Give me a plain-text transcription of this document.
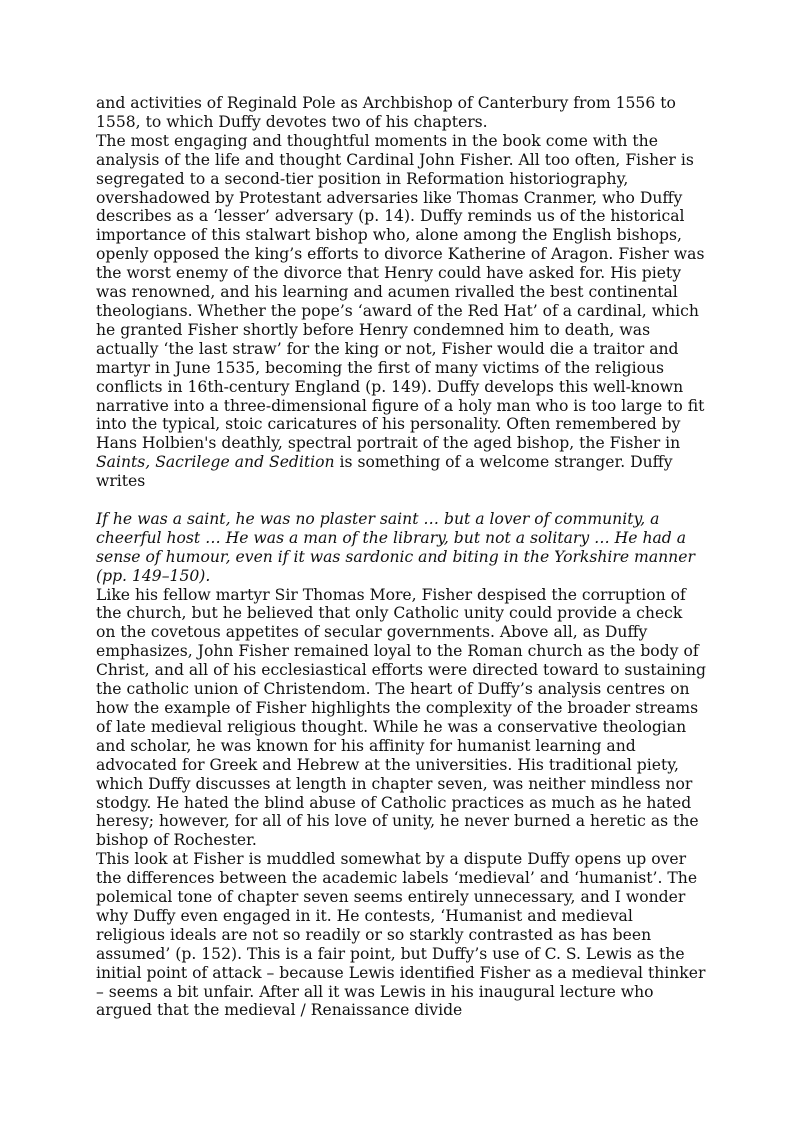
and activities of Reginald Pole as Archbishop of Canterbury from 1556 to 1558, to which Duffy devotes two of his chapters.

The most engaging and thoughtful moments in the book come with the analysis of the life and thought Cardinal John Fisher. All too often, Fisher is segregated to a second-tier position in Reformation historiography, overshadowed by Protestant adversaries like Thomas Cranmer, who Duffy describes as a ‘lesser’ adversary (p. 14). Duffy reminds us of the historical importance of this stalwart bishop who, alone among the English bishops, openly opposed the king’s efforts to divorce Katherine of Aragon. Fisher was the worst enemy of the divorce that Henry could have asked for. His piety was renowned, and his learning and acumen rivalled the best continental theologians. Whether the pope’s ‘award of the Red Hat’ of a cardinal, which he granted Fisher shortly before Henry condemned him to death, was actually ‘the last straw’ for the king or not, Fisher would die a traitor and martyr in June 1535, becoming the first of many victims of the religious conflicts in 16th-century England (p. 149). Duffy develops this well-known narrative into a three-dimensional figure of a holy man who is too large to fit into the typical, stoic caricatures of his personality. Often remembered by Hans Holbien's deathly, spectral portrait of the aged bishop, the Fisher in Saints, Sacrilege and Sedition is something of a welcome stranger. Duffy writes

If he was a saint, he was no plaster saint … but a lover of community, a cheerful host … He was a man of the library, but not a solitary … He had a sense of humour, even if it was sardonic and biting in the Yorkshire manner (pp. 149–150).

Like his fellow martyr Sir Thomas More, Fisher despised the corruption of the church, but he believed that only Catholic unity could provide a check on the covetous appetites of secular governments. Above all, as Duffy emphasizes, John Fisher remained loyal to the Roman church as the body of Christ, and all of his ecclesiastical efforts were directed toward to sustaining the catholic union of Christendom. The heart of Duffy’s analysis centres on how the example of Fisher highlights the complexity of the broader streams of late medieval religious thought. While he was a conservative theologian and scholar, he was known for his affinity for humanist learning and advocated for Greek and Hebrew at the universities. His traditional piety, which Duffy discusses at length in chapter seven, was neither mindless nor stodgy. He hated the blind abuse of Catholic practices as much as he hated heresy; however, for all of his love of unity, he never burned a heretic as the bishop of Rochester.

This look at Fisher is muddled somewhat by a dispute Duffy opens up over the differences between the academic labels ‘medieval’ and ‘humanist’. The polemical tone of chapter seven seems entirely unnecessary, and I wonder why Duffy even engaged in it. He contests, ‘Humanist and medieval religious ideals are not so readily or so starkly contrasted as has been assumed’ (p. 152). This is a fair point, but Duffy’s use of C. S. Lewis as the initial point of attack – because Lewis identified Fisher as a medieval thinker – seems a bit unfair. After all it was Lewis in his inaugural lecture who argued that the medieval / Renaissance divide
